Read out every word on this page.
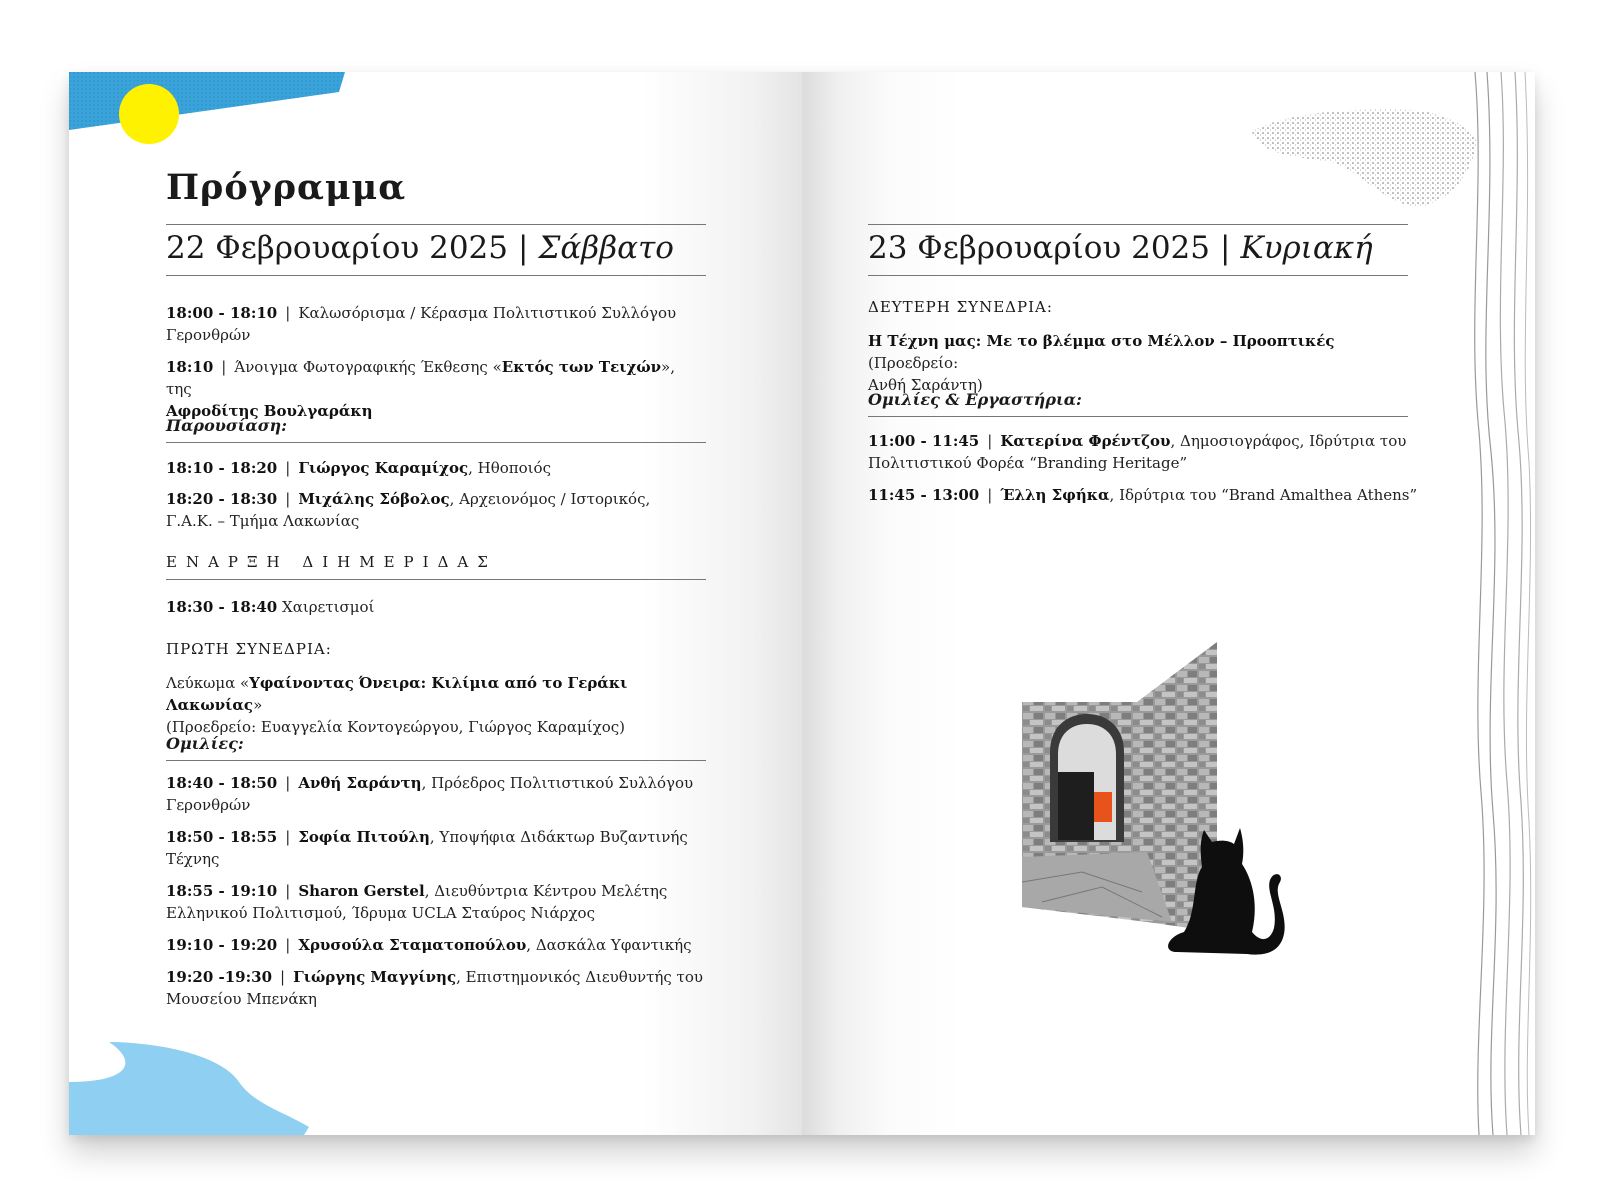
Πρόγραμμα
22 Φεβρουαρίου 2025 | Σάββατο
18:00 - 18:10 | Καλωσόρισμα / Κέρασμα Πολιτιστικού Συλλόγου Γερονθρών
18:10 | Άνοιγμα Φωτογραφικής Έκθεσης «Εκτός των Τειχών», της
Αφροδίτης Βουλγαράκη
Παρουσίαση:
18:10 - 18:20 | Γιώργος Καραμίχος, Ηθοποιός
18:20 - 18:30 | Μιχάλης Σόβολος, Αρχειονόμος / Ιστορικός, Γ.Α.Κ. – Τμήμα Λακωνίας
ΕΝΑΡΞΗ ΔΙΗΜΕΡΙΔΑΣ
18:30 - 18:40 Χαιρετισμοί
ΠΡΩΤΗ ΣΥΝΕΔΡΙΑ:
Λεύκωμα «Υφαίνοντας Όνειρα: Κιλίμια από το Γεράκι Λακωνίας»
(Προεδρείο: Ευαγγελία Κοντογεώργου, Γιώργος Καραμίχος)
Ομιλίες:
18:40 - 18:50 | Ανθή Σαράντη, Πρόεδρος Πολιτιστικού Συλλόγου
Γερονθρών
18:50 - 18:55 | Σοφία Πιτούλη, Υποψήφια Διδάκτωρ Βυζαντινής
Τέχνης
18:55 - 19:10 | Sharon Gerstel, Διευθύντρια Κέντρου Μελέτης
Ελληνικού Πολιτισμού, Ίδρυμα UCLA Σταύρος Νιάρχος
19:10 - 19:20 | Χρυσούλα Σταματοπούλου, Δασκάλα Υφαντικής
19:20 -19:30 | Γιώργης Μαγγίνης, Επιστημονικός Διευθυντής του
Μουσείου Μπενάκη
23 Φεβρουαρίου 2025 | Κυριακή
ΔΕΥΤΕΡΗ ΣΥΝΕΔΡΙΑ:
Η Τέχνη μας: Με το βλέμμα στο Μέλλον – Προοπτικές (Προεδρείο:
Ανθή Σαράντη)
Ομιλίες & Εργαστήρια:
11:00 - 11:45 | Κατερίνα Φρέντζου, Δημοσιογράφος, Ιδρύτρια του
Πολιτιστικού Φορέα “Branding Heritage”
11:45 - 13:00 | Έλλη Σφήκα, Ιδρύτρια του “Brand Amalthea Athens”
